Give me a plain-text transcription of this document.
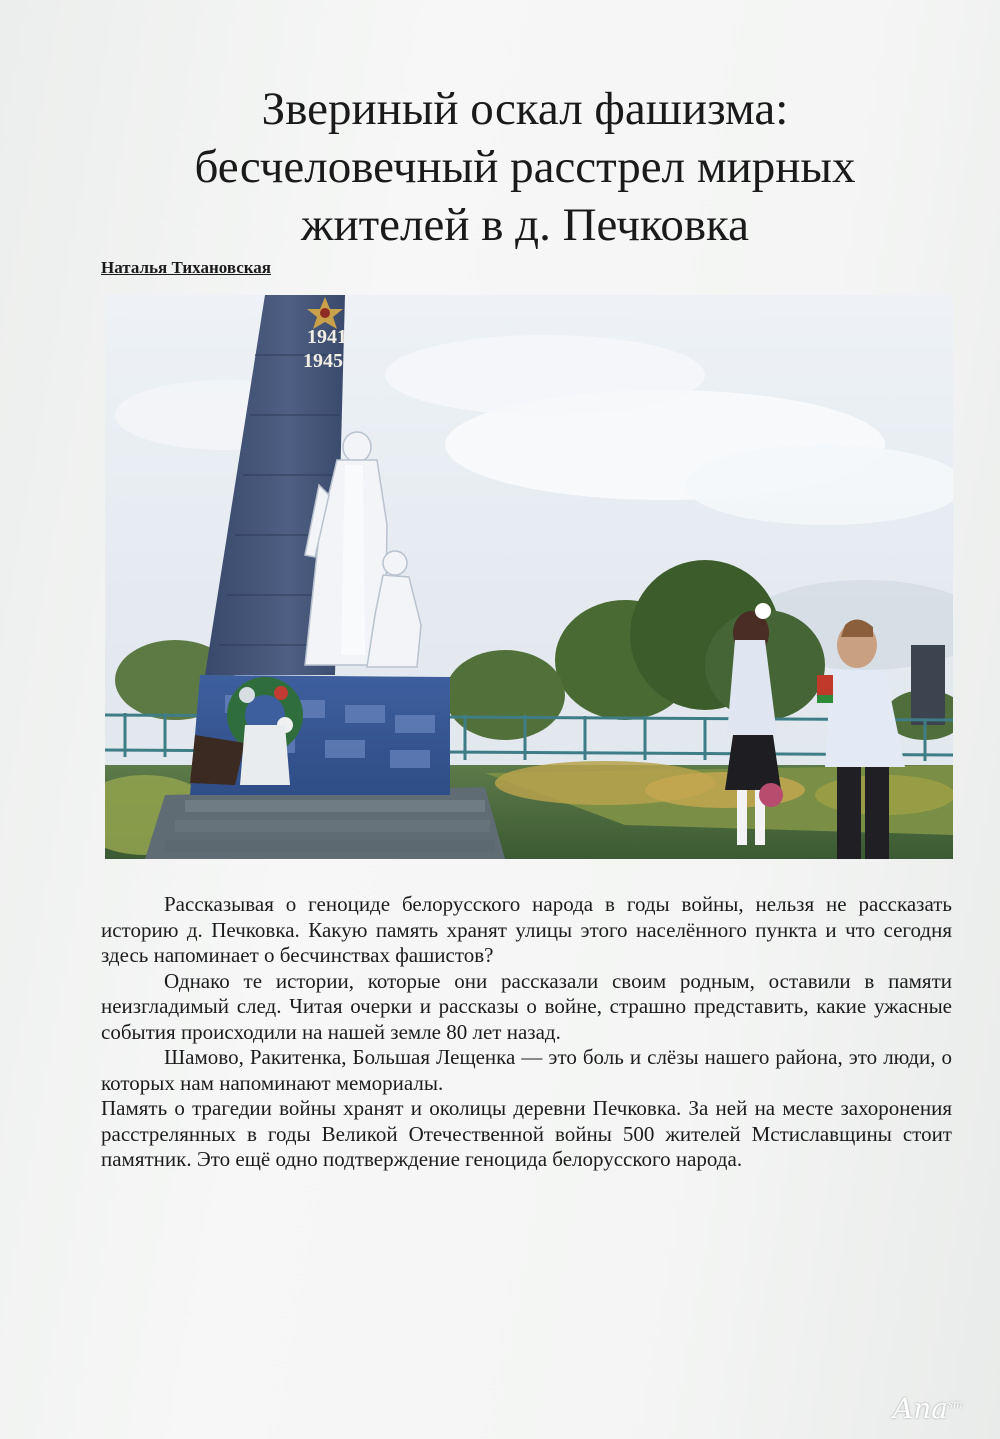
Звериный оскал фашизма:
бесчеловечный расстрел мирных
жителей в д. Печковка
Наталья Тихановская
1941-
1945

Рассказывая о геноциде белорусского народа в годы войны, нельзя не рассказать историю д. Печковка. Какую память хранят улицы этого населённого пункта и что сегодня здесь напоминает о бесчинствах фашистов?

Однако те истории, которые они рассказали своим родным, оставили в памяти неизгладимый след. Читая очерки и рассказы о войне, страшно представить, какие ужасные события происходили на нашей земле 80 лет назад.

Шамово, Ракитенка, Большая Лещенка — это боль и слёзы нашего района, это люди, о которых нам напоминают мемориалы.

Память о трагедии войны хранят и околицы деревни Печковка. За ней на месте захоронения расстрелянных в годы Великой Отечественной войны 500 жителей Мстиславщины стоит памятник. Это ещё одно подтверждение геноцида белорусского народа.

Ana$^{sm}$
